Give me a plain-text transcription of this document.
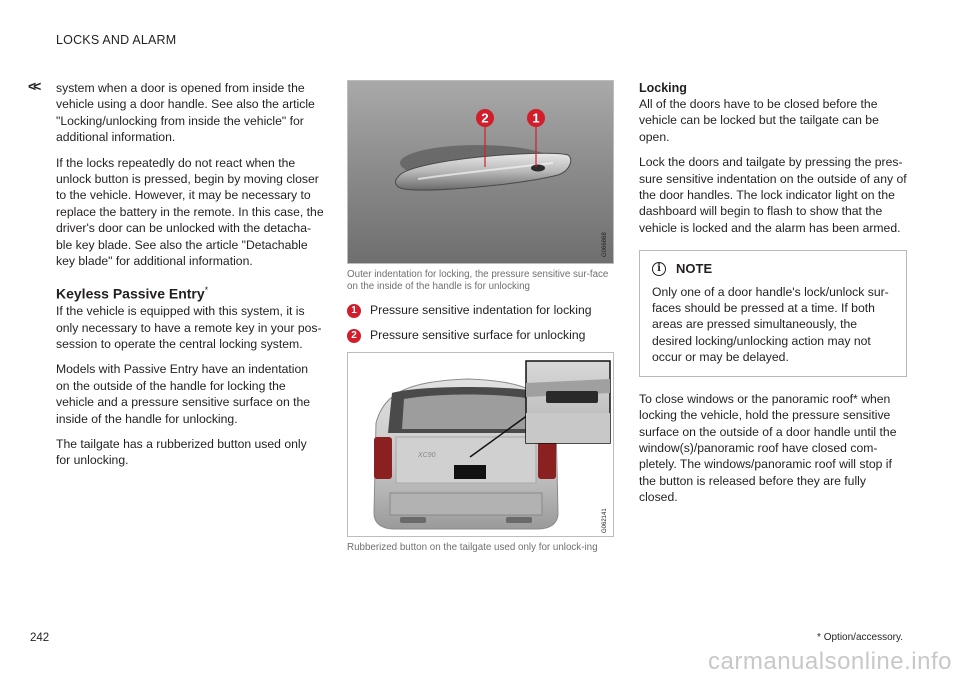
LOCKS AND ALARM
<< system when a door is opened from inside the vehicle using a door handle. See also the article "Locking/unlocking from inside the vehicle" for additional information.

If the locks repeatedly do not react when the unlock button is pressed, begin by moving closer to the vehicle. However, it may be necessary to replace the battery in the remote. In this case, the driver's door can be unlocked with the detacha-ble key blade. See also the article "Detachable key blade" for additional information.

Keyless Passive Entry*

If the vehicle is equipped with this system, it is only necessary to have a remote key in your pos-session to operate the central locking system.

Models with Passive Entry have an indentation on the outside of the handle for locking the vehicle and a pressure sensitive surface on the inside of the handle for unlocking.

The tailgate has a rubberized button used only for unlocking.

2	1
G066868
Outer indentation for locking, the pressure sensitive sur-face on the inside of the handle is for unlocking
1	Pressure sensitive indentation for locking
2	Pressure sensitive surface for unlocking
XC90
G062141
Rubberized button on the tailgate used only for unlock-ing
Locking

All of the doors have to be closed before the vehicle can be locked but the tailgate can be open.

Lock the doors and tailgate by pressing the pres-sure sensitive indentation on the outside of any of the door handles. The lock indicator light on the dashboard will begin to flash to show that the vehicle is locked and the alarm has been armed.

i	NOTE
Only one of a door handle's lock/unlock sur-faces should be pressed at a time. If both areas are pressed simultaneously, the desired locking/unlocking action may not occur or may be delayed.

To close windows or the panoramic roof* when locking the vehicle, hold the pressure sensitive surface on the outside of a door handle until the window(s)/panoramic roof have closed com-pletely. The windows/panoramic roof will stop if the button is released before they are fully closed.

242	* Option/accessory.
carmanualsonline.info
